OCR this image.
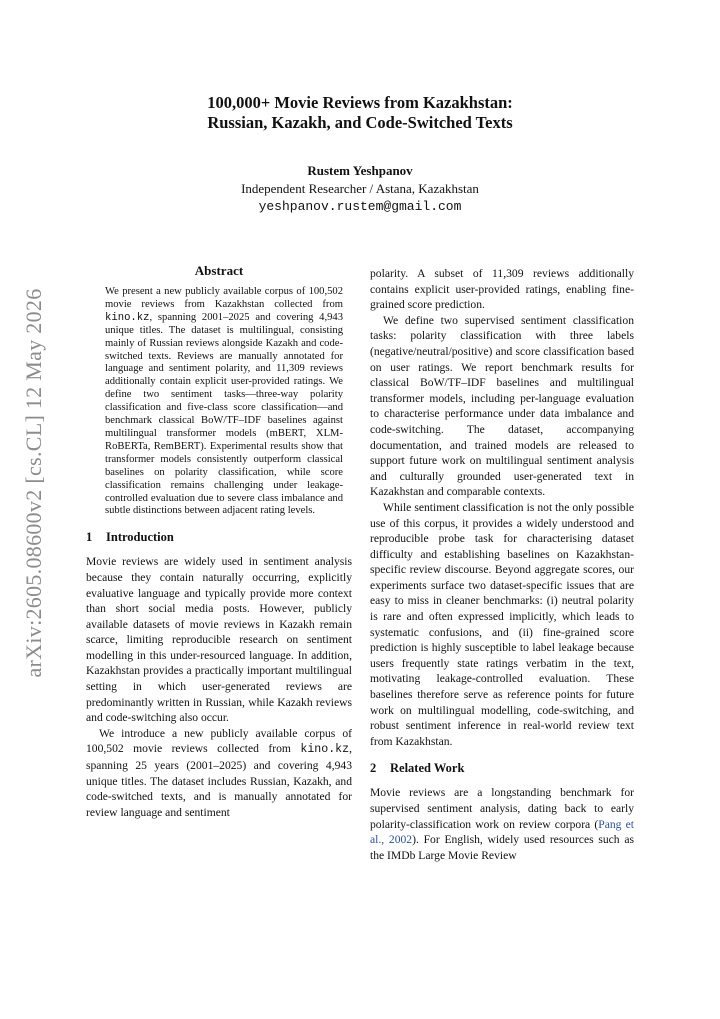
100,000+ Movie Reviews from Kazakhstan:
Russian, Kazakh, and Code-Switched Texts
Rustem Yeshpanov
Independent Researcher / Astana, Kazakhstan
yeshpanov.rustem@gmail.com
arXiv:2605.08600v2 [cs.CL] 12 May 2026
Abstract

We present a new publicly available corpus of 100,502 movie reviews from Kazakhstan collected from kino.kz, spanning 2001–2025 and covering 4,943 unique titles. The dataset is multilingual, consisting mainly of Russian reviews alongside Kazakh and code-switched texts. Reviews are manually annotated for language and sentiment polarity, and 11,309 reviews additionally contain explicit user-provided ratings. We define two sentiment tasks—three-way polarity classification and five-class score classification—and benchmark classical BoW/TF–IDF baselines against multilingual transformer models (mBERT, XLM-RoBERTa, RemBERT). Experimental results show that transformer models consistently outperform classical baselines on polarity classification, while score classification remains challenging under leakage-controlled evaluation due to severe class imbalance and subtle distinctions between adjacent rating levels.

1 Introduction

Movie reviews are widely used in sentiment analysis because they contain naturally occurring, explicitly evaluative language and typically provide more context than short social media posts. However, publicly available datasets of movie reviews in Kazakh remain scarce, limiting reproducible research on sentiment modelling in this under-resourced language. In addition, Kazakhstan provides a practically important multilingual setting in which user-generated reviews are predominantly written in Russian, while Kazakh reviews and code-switching also occur.

We introduce a new publicly available corpus of 100,502 movie reviews collected from kino.kz, spanning 25 years (2001–2025) and covering 4,943 unique titles. The dataset includes Russian, Kazakh, and code-switched texts, and is manually annotated for review language and sentiment

polarity. A subset of 11,309 reviews additionally contains explicit user-provided ratings, enabling fine-grained score prediction.

We define two supervised sentiment classification tasks: polarity classification with three labels (negative/neutral/positive) and score classification based on user ratings. We report benchmark results for classical BoW/TF–IDF baselines and multilingual transformer models, including per-language evaluation to characterise performance under data imbalance and code-switching. The dataset, accompanying documentation, and trained models are released to support future work on multilingual sentiment analysis and culturally grounded user-generated text in Kazakhstan and comparable contexts.

While sentiment classification is not the only possible use of this corpus, it provides a widely understood and reproducible probe task for characterising dataset difficulty and establishing baselines on Kazakhstan-specific review discourse. Beyond aggregate scores, our experiments surface two dataset-specific issues that are easy to miss in cleaner benchmarks: (i) neutral polarity is rare and often expressed implicitly, which leads to systematic confusions, and (ii) fine-grained score prediction is highly susceptible to label leakage because users frequently state ratings verbatim in the text, motivating leakage-controlled evaluation. These baselines therefore serve as reference points for future work on multilingual modelling, code-switching, and robust sentiment inference in real-world review text from Kazakhstan.

2 Related Work

Movie reviews are a longstanding benchmark for supervised sentiment analysis, dating back to early polarity-classification work on review corpora (Pang et al., 2002). For English, widely used resources such as the IMDb Large Movie Review
